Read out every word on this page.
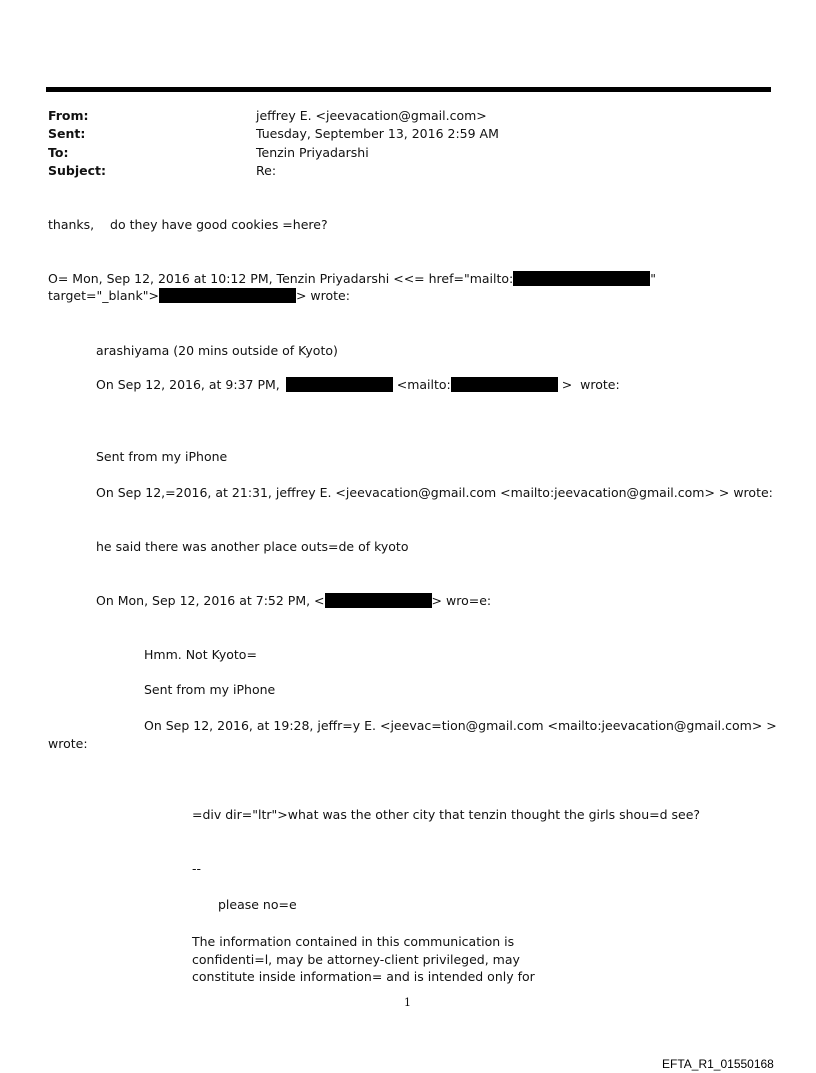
From:	jeffrey E. <jeevacation@gmail.com>
Sent:	Tuesday, September 13, 2016 2:59 AM
To:	Tenzin Priyadarshi
Subject:	Re:
thanks,    do they have good cookies =here?
O= Mon, Sep 12, 2016 at 10:12 PM, Tenzin Priyadarshi <<= href="mailto:	"
target="_blank">	> wrote:
arashiyama (20 mins outside of Kyoto)
On Sep 12, 2016, at 9:37 PM,	<mailto:	>  wrote:
Sent from my iPhone
On Sep 12,=2016, at 21:31, jeffrey E. <jeevacation@gmail.com <mailto:jeevacation@gmail.com> > wrote:
he said there was another place outs=de of kyoto
On Mon, Sep 12, 2016 at 7:52 PM, <	> wro=e:
Hmm. Not Kyoto=
Sent from my iPhone
On Sep 12, 2016, at 19:28, jeffr=y E. <jeevac=tion@gmail.com <mailto:jeevacation@gmail.com> >
wrote:
=div dir="ltr">what was the other city that tenzin thought the girls shou=d see?
--
please no=e
The information contained in this communication is
confidenti=l, may be attorney-client privileged, may
constitute inside information= and is intended only for
1
EFTA_R1_01550168
